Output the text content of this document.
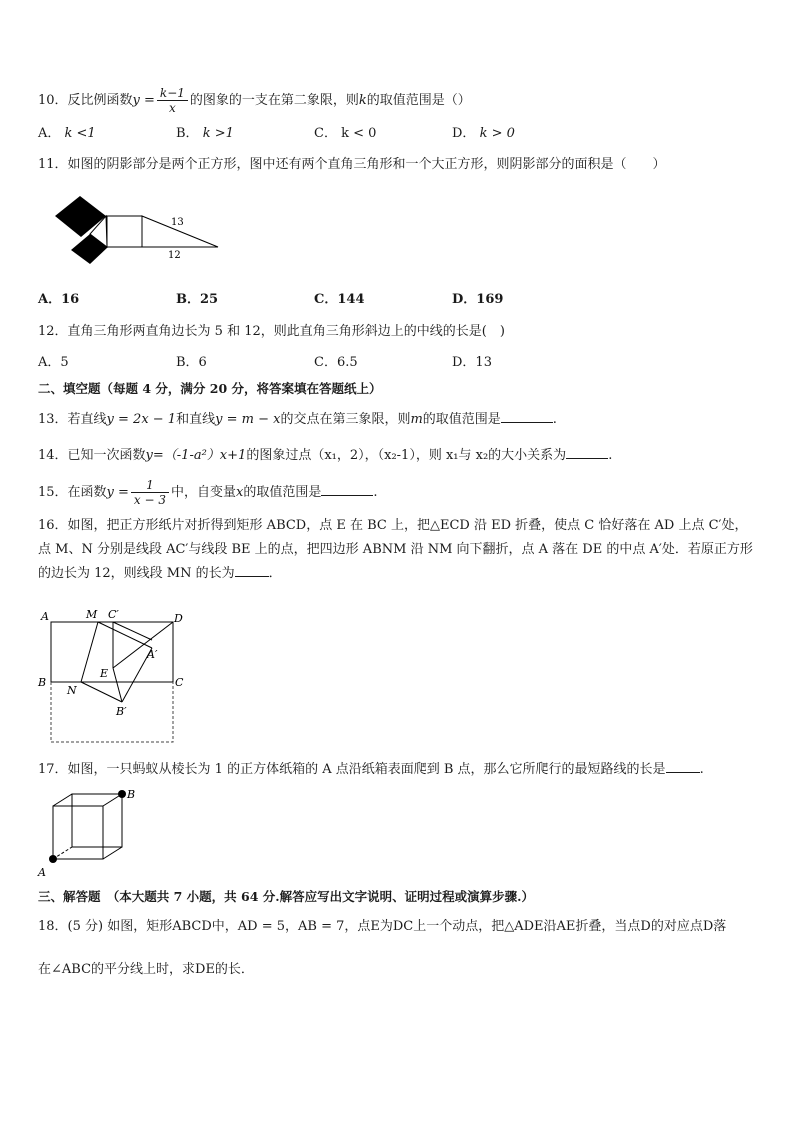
10．反比例函数$y = \frac{k-1}{x}$ 的图象的一支在第二象限，则k的取值范围是（）
A． k <1	B． k >1	C． k < 0	D． k > 0
11．如图的阴影部分是两个正方形，图中还有两个直角三角形和一个大正方形，则阴影部分的面积是（　　）
13
12
A．16	B．25	C．144	D．169
12．直角三角形两直角边长为 5 和 12，则此直角三角形斜边上的中线的长是(　)
A．5	B．6	C．6.5	D．13
二、填空题（每题 4 分，满分 20 分，将答案填在答题纸上）
13．若直线y = 2x − 1和直线y = m − x的交点在第三象限，则m的取值范围是	.
14．已知一次函数y=（-1-a²）x+1的图象过点（x₁，2），（x₂-1），则 x₁与 x₂的大小关系为	.
15．在函数$y = \frac{1}{x - 3}$ 中，自变量x的取值范围是	.
16．如图，把正方形纸片对折得到矩形 ABCD，点 E 在 BC 上，把△ECD 沿 ED 折叠，使点 C 恰好落在 AD 上点 C′处，点 M、N 分别是线段 AC′与线段 BE 上的点，把四边形 ABNM 沿 NM 向下翻折，点 A 落在 DE 的中点 A′处．若原正方形的边长为 12，则线段 MN 的长为	．
A	M C′	D
A′
E
B
N
C
B′
17．如图，一只蚂蚁从棱长为 1 的正方体纸箱的 A 点沿纸箱表面爬到 B 点，那么它所爬行的最短路线的长是	.
A
B
三、解答题　（本大题共 7 小题，共 64 分.解答应写出文字说明、证明过程或演算步骤.）
18．(5 分) 如图，矩形ABCD中，AD = 5，AB = 7，点E为DC上一个动点，把△ADE沿AE折叠，当点D的对应点D落
在∠ABC的平分线上时，求DE的长．
